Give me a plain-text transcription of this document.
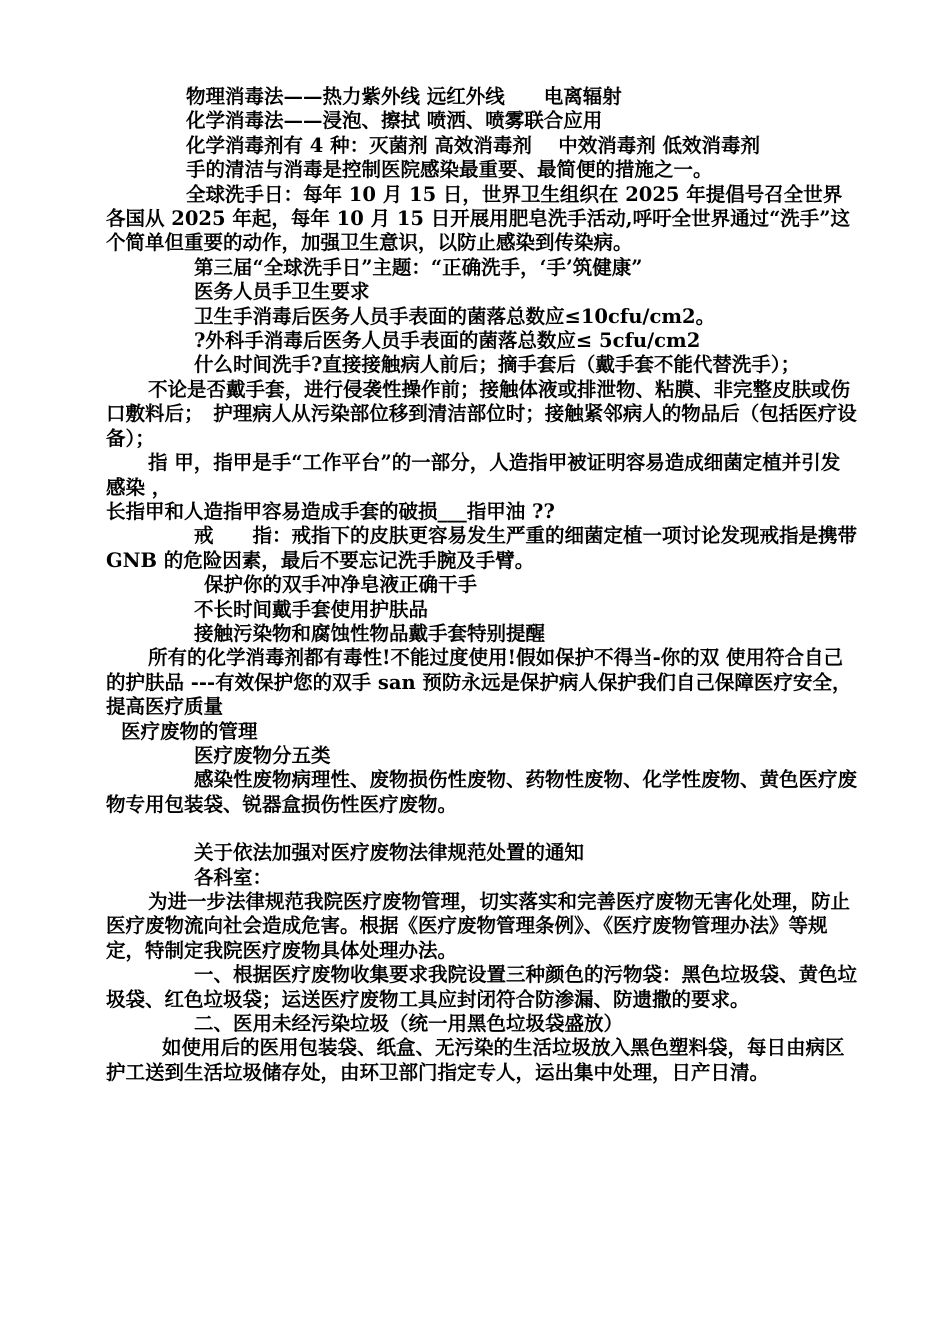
物理消毒法——热力紫外线 远红外线　　电离辐射

化学消毒法——浸泡、擦拭 喷洒、喷雾联合应用

化学消毒剂有 4 种：灭菌剂 高效消毒剂　 中效消毒剂 低效消毒剂

手的清洁与消毒是控制医院感染最重要、最简便的措施之一。

全球洗手日：每年 10 月 15 日，世界卫生组织在 2025 年提倡号召全世界各国从 2025 年起，每年 10 月 15 日开展用肥皂洗手活动,呼吁全世界通过“洗手”这个简单但重要的动作，加强卫生意识，以防止感染到传染病。

第三届“全球洗手日”主题：“正确洗手，‘手’筑健康”

医务人员手卫生要求

卫生手消毒后医务人员手表面的菌落总数应≤10cfu/cm2。

?外科手消毒后医务人员手表面的菌落总数应≤ 5cfu/cm2

什么时间洗手?直接接触病人前后；摘手套后（戴手套不能代替洗手）；

不论是否戴手套，进行侵袭性操作前；接触体液或排泄物、粘膜、非完整皮肤或伤口敷料后；　护理病人从污染部位移到清洁部位时；接触紧邻病人的物品后（包括医疗设备）；

指 甲，指甲是手“工作平台”的一部分，人造指甲被证明容易造成细菌定植并引发感染 ，

长指甲和人造指甲容易造成手套的破损___指甲油 ??

戒　　指：戒指下的皮肤更容易发生严重的细菌定植一项讨论发现戒指是携带 GNB 的危险因素，最后不要忘记洗手腕及手臂。

保护你的双手冲净皂液正确干手

不长时间戴手套使用护肤品

接触污染物和腐蚀性物品戴手套特别提醒

所有的化学消毒剂都有毒性!不能过度使用!假如保护不得当-你的双 使用符合自己的护肤品 ---有效保护您的双手 san 预防永远是保护病人保护我们自己保障医疗安全，提高医疗质量

医疗废物的管理

医疗废物分五类

感染性废物病理性、废物损伤性废物、药物性废物、化学性废物、黄色医疗废物专用包装袋、锐器盒损伤性医疗废物。

关于依法加强对医疗废物法律规范处置的通知

各科室：

为进一步法律规范我院医疗废物管理，切实落实和完善医疗废物无害化处理，防止医疗废物流向社会造成危害。根据《医疗废物管理条例》、《医疗废物管理办法》等规定，特制定我院医疗废物具体处理办法。

一、根据医疗废物收集要求我院设置三种颜色的污物袋：黑色垃圾袋、黄色垃圾袋、红色垃圾袋；运送医疗废物工具应封闭符合防渗漏、防遗撒的要求。

二、医用未经污染垃圾（统一用黑色垃圾袋盛放）

如使用后的医用包装袋、纸盒、无污染的生活垃圾放入黑色塑料袋，每日由病区护工送到生活垃圾储存处，由环卫部门指定专人，运出集中处理，日产日清。
